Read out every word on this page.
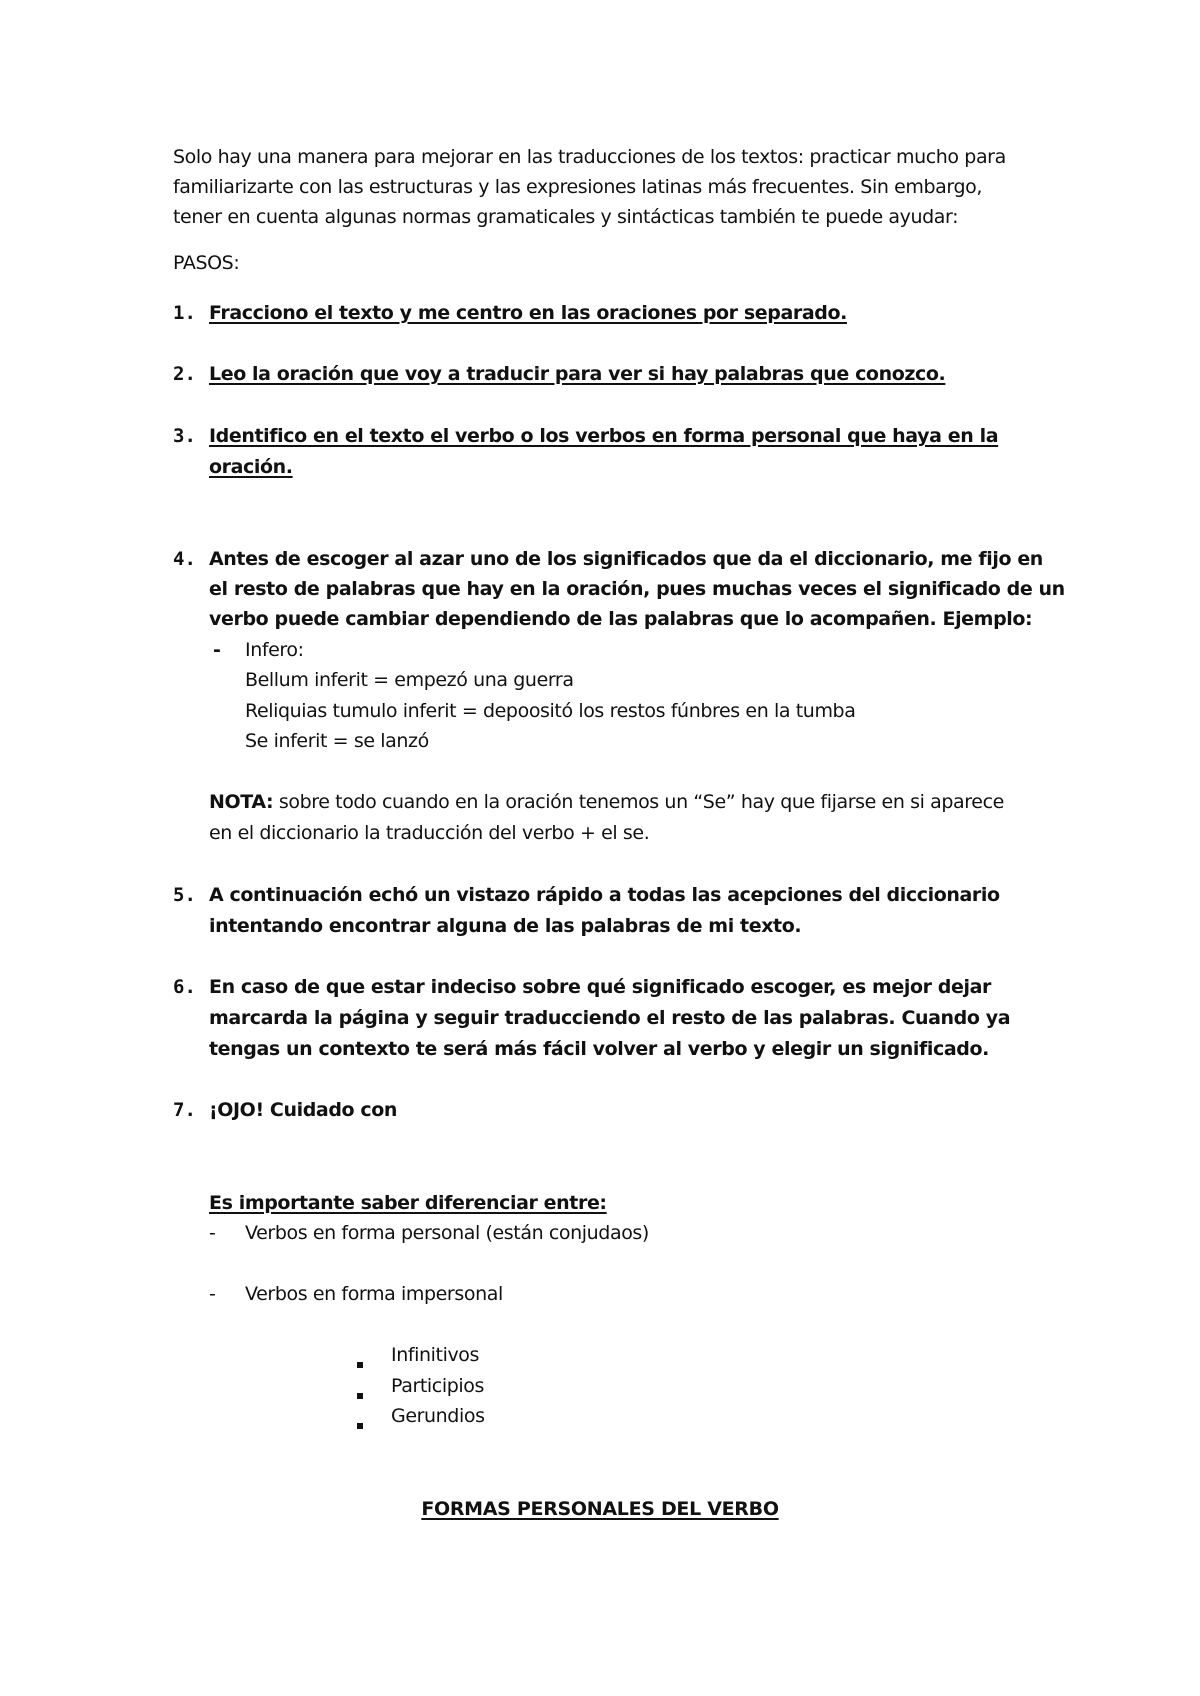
Solo hay una manera para mejorar en las traducciones de los textos: practicar mucho para
familiarizarte con las estructuras y las expresiones latinas más frecuentes. Sin embargo,
tener en cuenta algunas normas gramaticales y sintácticas también te puede ayudar:
PASOS:
1. Fracciono el texto y me centro en las oraciones por separado.
2. Leo la oración que voy a traducir para ver si hay palabras que conozco.
3. Identifico en el texto el verbo o los verbos en forma personal que haya en la
oración.
4. Antes de escoger al azar uno de los significados que da el diccionario, me fijo en
el resto de palabras que hay en la oración, pues muchas veces el significado de un
verbo puede cambiar dependiendo de las palabras que lo acompañen. Ejemplo:
- Infero:
Bellum inferit = empezó una guerra
Reliquias tumulo inferit = depoositó los restos fúnbres en la tumba
Se inferit = se lanzó
NOTA: sobre todo cuando en la oración tenemos un “Se” hay que fijarse en si aparece
en el diccionario la traducción del verbo + el se.
5. A continuación echó un vistazo rápido a todas las acepciones del diccionario
intentando encontrar alguna de las palabras de mi texto.
6. En caso de que estar indeciso sobre qué significado escoger, es mejor dejar
marcarda la página y seguir traducciendo el resto de las palabras. Cuando ya
tengas un contexto te será más fácil volver al verbo y elegir un significado.
7. ¡OJO! Cuidado con
Es importante saber diferenciar entre:
- Verbos en forma personal (están conjudaos)
- Verbos en forma impersonal
Infinitivos
Participios
Gerundios
FORMAS PERSONALES DEL VERBO
